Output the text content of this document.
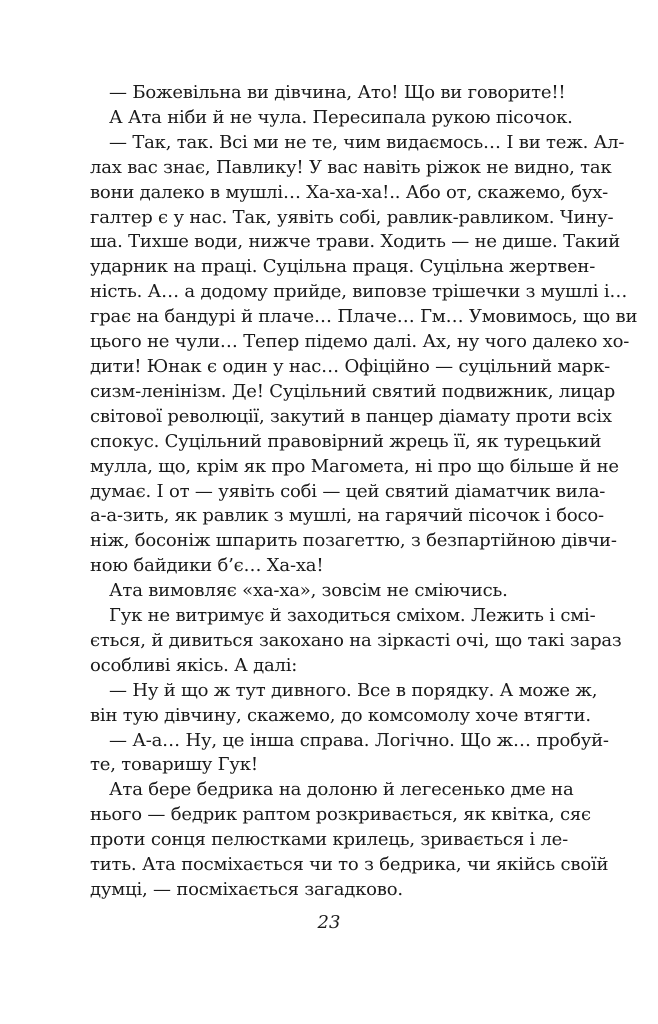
— Божевільна ви дівчина, Ато! Що ви говорите!!
А Ата ніби й не чула. Пересипала рукою пісочок.
— Так, так. Всі ми не те, чим видаємось… І ви теж. Ал-
лах вас знає, Павлику! У вас навіть ріжок не видно, так
вони далеко в мушлі… Ха-ха-ха!.. Або от, скажемо, бух-
галтер є у нас. Так, уявіть собі, равлик-равликом. Чину-
ша. Тихше води, нижче трави. Ходить — не дише. Такий
ударник на праці. Суцільна праця. Суцільна жертвен-
ність. А… а додому прийде, виповзе трішечки з мушлі і…
грає на бандурі й плаче… Плаче… Гм… Умовимось, що ви
цього не чули… Тепер підемо далі. Ах, ну чого далеко хо-
дити! Юнак є один у нас… Офіційно — суцільний марк-
сизм-ленінізм. Де! Суцільний святий подвижник, лицар
світової революції, закутий в панцер діамату проти всіх
спокус. Суцільний правовірний жрець її, як турецький
мулла, що, крім як про Магомета, ні про що більше й не
думає. І от — уявіть собі — цей святий діаматчик вила-
а-а-зить, як равлик з мушлі, на гарячий пісочок і босо-
ніж, босоніж шпарить позагеттю, з безпартійною дівчи-
ною байдики б’є… Ха-ха!
Ата вимовляє «ха-ха», зовсім не сміючись.
Гук не витримує й заходиться сміхом. Лежить і смі-
ється, й дивиться закохано на зіркасті очі, що такі зараз
особливі якісь. А далі:
— Ну й що ж тут дивного. Все в порядку. А може ж,
він тую дівчину, скажемо, до комсомолу хоче втягти.
— А-а… Ну, це інша справа. Логічно. Що ж… пробуй-
те, товаришу Гук!
Ата бере бедрика на долоню й легесенько дме на
нього — бедрик раптом розкривається, як квітка, сяє
проти сонця пелюстками крилець, зривається і ле-
тить. Ата посміхається чи то з бедрика, чи якійсь своїй
думці, — посміхається загадково.
23
